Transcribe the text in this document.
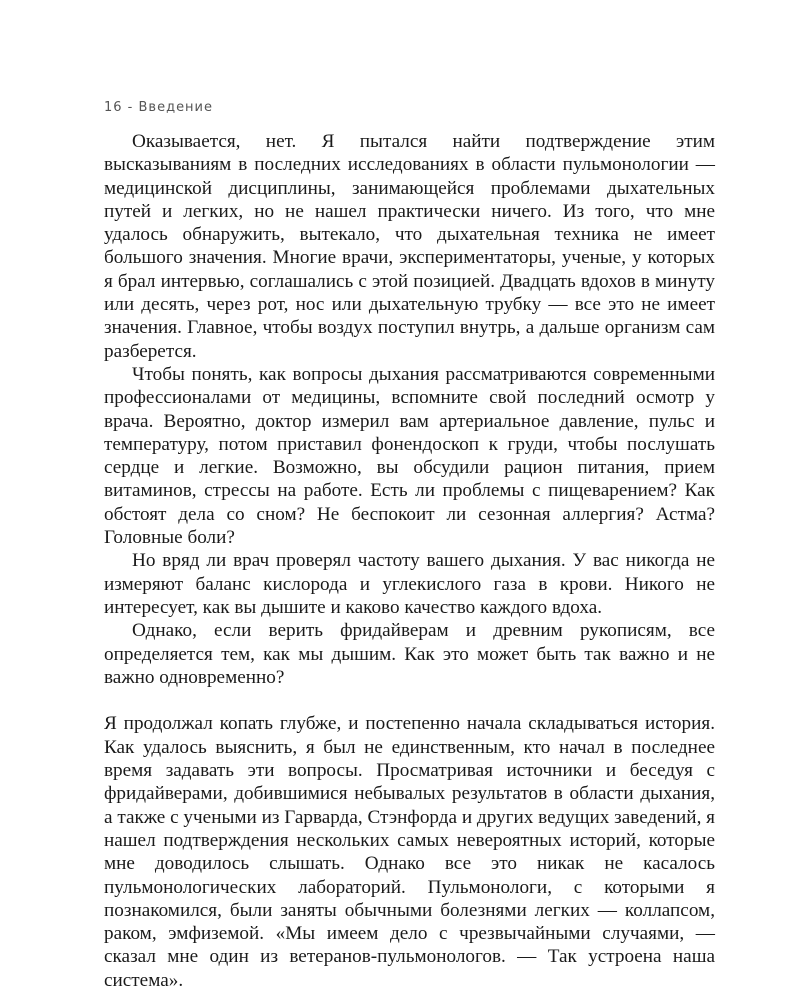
16 - Введение

Оказывается, нет. Я пытался найти подтверждение этим высказываниям в последних исследованиях в области пульмонологии — медицинской дисциплины, занимающейся проблемами дыхательных путей и легких, но не нашел практически ничего. Из того, что мне удалось обнаружить, вытекало, что дыхательная техника не имеет большого значения. Многие врачи, экспериментаторы, ученые, у которых я брал интервью, соглашались с этой позицией. Двадцать вдохов в минуту или десять, через рот, нос или дыхательную трубку — все это не имеет значения. Главное, чтобы воздух поступил внутрь, а дальше организм сам разберется.

Чтобы понять, как вопросы дыхания рассматриваются современными профессионалами от медицины, вспомните свой последний осмотр у врача. Вероятно, доктор измерил вам артериальное давление, пульс и температуру, потом приставил фонендоскоп к груди, чтобы послушать сердце и легкие. Возможно, вы обсудили рацион питания, прием витаминов, стрессы на работе. Есть ли проблемы с пищеварением? Как обстоят дела со сном? Не беспокоит ли сезонная аллергия? Астма? Головные боли?

Но вряд ли врач проверял частоту вашего дыхания. У вас никогда не измеряют баланс кислорода и углекислого газа в крови. Никого не интересует, как вы дышите и каково качество каждого вдоха.

Однако, если верить фридайверам и древним рукописям, все определяется тем, как мы дышим. Как это может быть так важно и не важно одновременно?

Я продолжал копать глубже, и постепенно начала складываться история. Как удалось выяснить, я был не единственным, кто начал в последнее время задавать эти вопросы. Просматривая источники и беседуя с фридайверами, добившимися небывалых результатов в области дыхания, а также с учеными из Гарварда, Стэнфорда и других ведущих заведений, я нашел подтверждения нескольких самых невероятных историй, которые мне доводилось слышать. Однако все это никак не касалось пульмонологических лабораторий. Пульмонологи, с которыми я познакомился, были заняты обычными болезнями легких — коллапсом, раком, эмфиземой. «Мы имеем дело с чрезвычайными случаями, — сказал мне один из ветеранов-пульмонологов. — Так устроена наша система».
